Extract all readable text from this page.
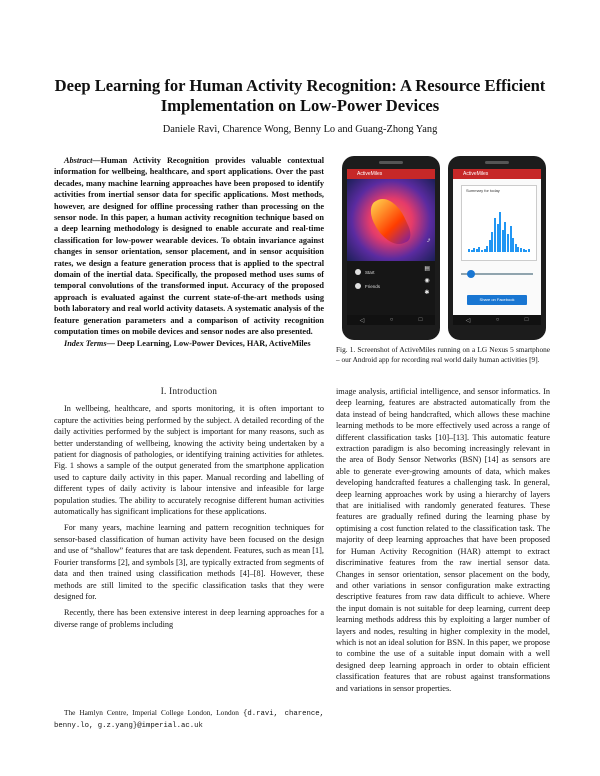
Deep Learning for Human Activity Recognition: A Resource Efficient
Implementation on Low-Power Devices
Daniele Ravì, Charence Wong, Benny Lo and Guang-Zhong Yang

Abstract—Human Activity Recognition provides valuable contextual information for wellbeing, healthcare, and sport applications. Over the past decades, many machine learning approaches have been proposed to identify activities from inertial sensor data for specific applications. Most methods, however, are designed for offline processing rather than processing on the sensor node. In this paper, a human activity recognition technique based on a deep learning methodology is designed to enable accurate and real-time classification for low-power wearable devices. To obtain invariance against changes in sensor orientation, sensor placement, and in sensor acquisition rates, we design a feature generation process that is applied to the spectral domain of the inertial data. Specifically, the proposed method uses sums of temporal convolutions of the transformed input. Accuracy of the proposed approach is evaluated against the current state-of-the-art methods using both laboratory and real world activity datasets. A systematic analysis of the feature generation parameters and a comparison of activity recognition computation times on mobile devices and sensor nodes are also presented.

Index Terms— Deep Learning, Low-Power Devices, HAR, ActiveMiles

ActiveMiles
⤴
Start
Friends
▤
◉
✱
◁	○	□
ActiveMiles
Summary for today
Share on Facebook
◁	○	□
Fig. 1. Screenshot of ActiveMiles running on a LG Nexus 5 smartphone – our Android app for recording real world daily human activities [9].
I. Introduction

In wellbeing, healthcare, and sports monitoring, it is often important to capture the activities being performed by the subject. A detailed recording of the daily activities performed by the subject is important for many reasons, such as better understanding of wellbeing, knowing the activity being undertaken by a patient for diagnosis of pathologies, or identifying training activities for athletes. Fig. 1 shows a sample of the output generated from the smartphone application used to capture daily activity in this paper. Manual recording and labelling of different types of daily activity is labour intensive and infeasible for large population studies. The ability to accurately recognise different human activities automatically has significant implications for these applications.

For many years, machine learning and pattern recognition techniques for sensor-based classification of human activity have been focused on the design and use of “shallow” features that are task dependent. Features, such as mean [1], Fourier transforms [2], and symbols [3], are typically extracted from segments of data and then trained using classification methods [4]–[8]. However, these methods are still limited to the specific classification tasks that they were designed for.

Recently, there has been extensive interest in deep learning approaches for a diverse range of problems including

The Hamlyn Centre, Imperial College London, London {d.ravi, charence, benny.lo, g.z.yang}@imperial.ac.uk

image analysis, artificial intelligence, and sensor informatics. In deep learning, features are abstracted automatically from the data instead of being handcrafted, which allows these machine learning methods to be more effectively used across a range of different classification tasks [10]–[13]. This automatic feature extraction paradigm is also becoming increasingly relevant in the area of Body Sensor Networks (BSN) [14] as sensors are able to generate ever-growing amounts of data, which makes developing handcrafted features a challenging task. In general, deep learning approaches work by using a hierarchy of layers that are initialised with randomly generated features. These features are gradually refined during the learning phase by optimising a cost function related to the classification task. The majority of deep learning approaches that have been proposed for Human Activity Recognition (HAR) attempt to extract discriminative features from the raw inertial sensor data. Changes in sensor orientation, sensor placement on the body, and other variations in sensor configuration make extracting descriptive features from raw data difficult to achieve. Where the input domain is not suitable for deep learning, current deep learning methods address this by exploiting a larger number of layers and nodes, resulting in higher complexity in the model, which is not an ideal solution for BSN. In this paper, we propose to combine the use of a suitable input domain with a well designed deep learning approach in order to obtain efficient classification features that are robust against transformations and variations in sensor properties.
